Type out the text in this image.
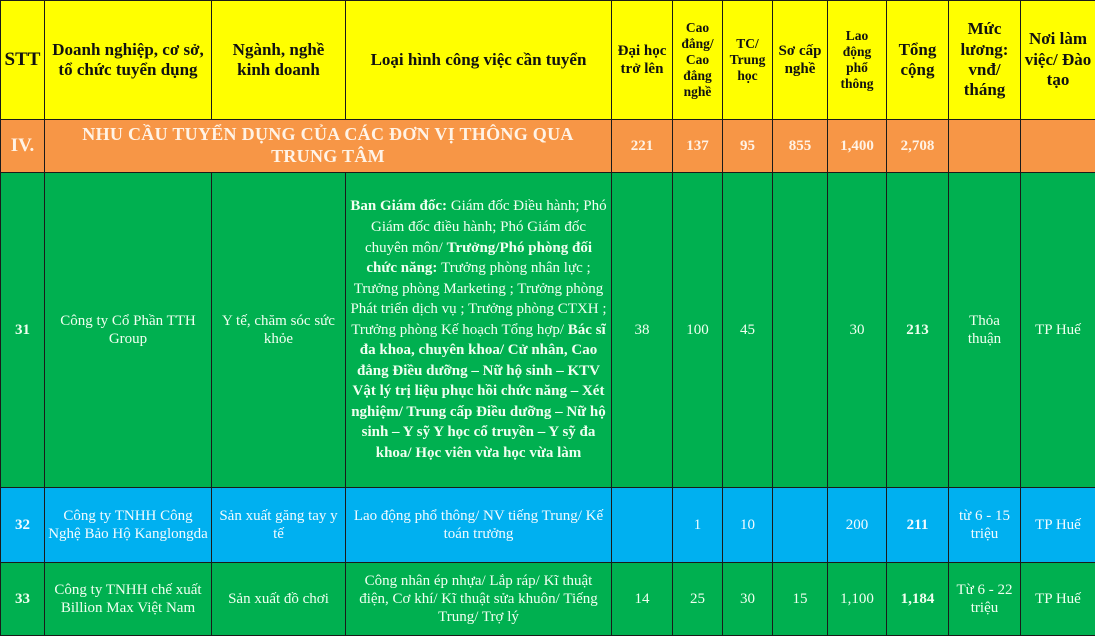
STT	Doanh nghiệp, cơ sở, tổ chức tuyển dụng	Ngành, nghề kinh doanh	Loại hình công việc cần tuyển	Đại học trở lên	Cao đẳng/ Cao đẳng nghề	TC/ Trung học	Sơ cấp nghề	Lao động phổ thông	Tổng cộng	Mức lương: vnđ/ tháng	Nơi làm việc/ Đào tạo
IV.	NHU CẦU TUYỂN DỤNG CỦA CÁC ĐƠN VỊ THÔNG QUA TRUNG TÂM			221	137	95	855	1,400	2,708		
31	Công ty Cổ Phần TTH Group	Y tế, chăm sóc sức khỏe	Ban Giám đốc: Giám đốc Điều hành; Phó Giám đốc điều hành; Phó Giám đốc chuyên môn/ Trưởng/Phó phòng đối chức năng: Trưởng phòng nhân lực ; Trưởng phòng Marketing ; Trưởng phòng Phát triển dịch vụ ; Trưởng phòng CTXH ; Trưởng phòng Kế hoạch Tổng hợp/ Bác sĩ đa khoa, chuyên khoa/ Cử nhân, Cao đẳng Điều dưỡng – Nữ hộ sinh – KTV Vật lý trị liệu phục hồi chức năng – Xét nghiệm/ Trung cấp Điều dưỡng – Nữ hộ sinh – Y sỹ Y học cổ truyền – Y sỹ đa khoa/ Học viên vừa học vừa làm	38	100	45		30	213	Thỏa thuận	TP Huế
32	Công ty TNHH Công Nghệ Bảo Hộ Kanglongda	Sản xuất găng tay y tế	Lao động phổ thông/ NV tiếng Trung/ Kế toán trưởng		1	10		200	211	từ 6 - 15 triệu	TP Huế
33	Công ty TNHH chế xuất Billion Max Việt Nam	Sản xuất đồ chơi	Công nhân ép nhựa/ Lắp ráp/ Kĩ thuật điện, Cơ khí/ Kĩ thuật sửa khuôn/ Tiếng Trung/ Trợ lý	14	25	30	15	1,100	1,184	Từ 6 - 22 triệu	TP Huế
